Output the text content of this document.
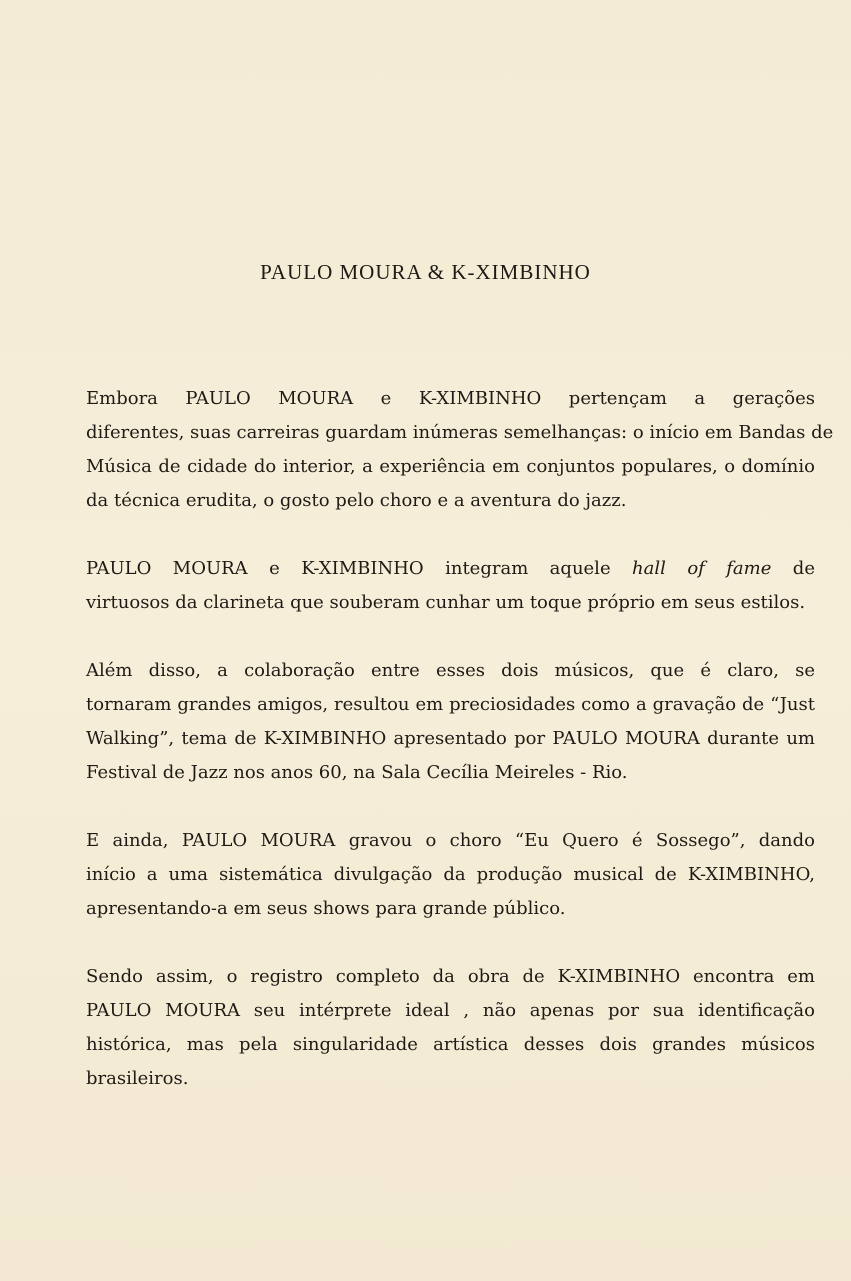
PAULO MOURA & K-XIMBINHO
Embora PAULO MOURA e K-XIMBINHO pertençam a gerações
diferentes, suas carreiras guardam inúmeras semelhanças: o início em Bandas de
Música de cidade do interior, a experiência em conjuntos populares, o domínio
da técnica erudita, o gosto pelo choro e a aventura do jazz.
PAULO MOURA e K-XIMBINHO integram aquele hall of fame de
virtuosos da clarineta que souberam cunhar um toque próprio em seus estilos.
Além disso, a colaboração entre esses dois músicos, que é claro, se
tornaram grandes amigos, resultou em preciosidades como a gravação de “Just
Walking”, tema de K-XIMBINHO apresentado por PAULO MOURA durante um
Festival de Jazz nos anos 60, na Sala Cecília Meireles - Rio.
E ainda, PAULO MOURA gravou o choro “Eu Quero é Sossego”, dando
início a uma sistemática divulgação da produção musical de K-XIMBINHO,
apresentando-a em seus shows para grande público.
Sendo assim, o registro completo da obra de K-XIMBINHO encontra em
PAULO MOURA seu intérprete ideal , não apenas por sua identificação
histórica, mas pela singularidade artística desses dois grandes músicos
brasileiros.
